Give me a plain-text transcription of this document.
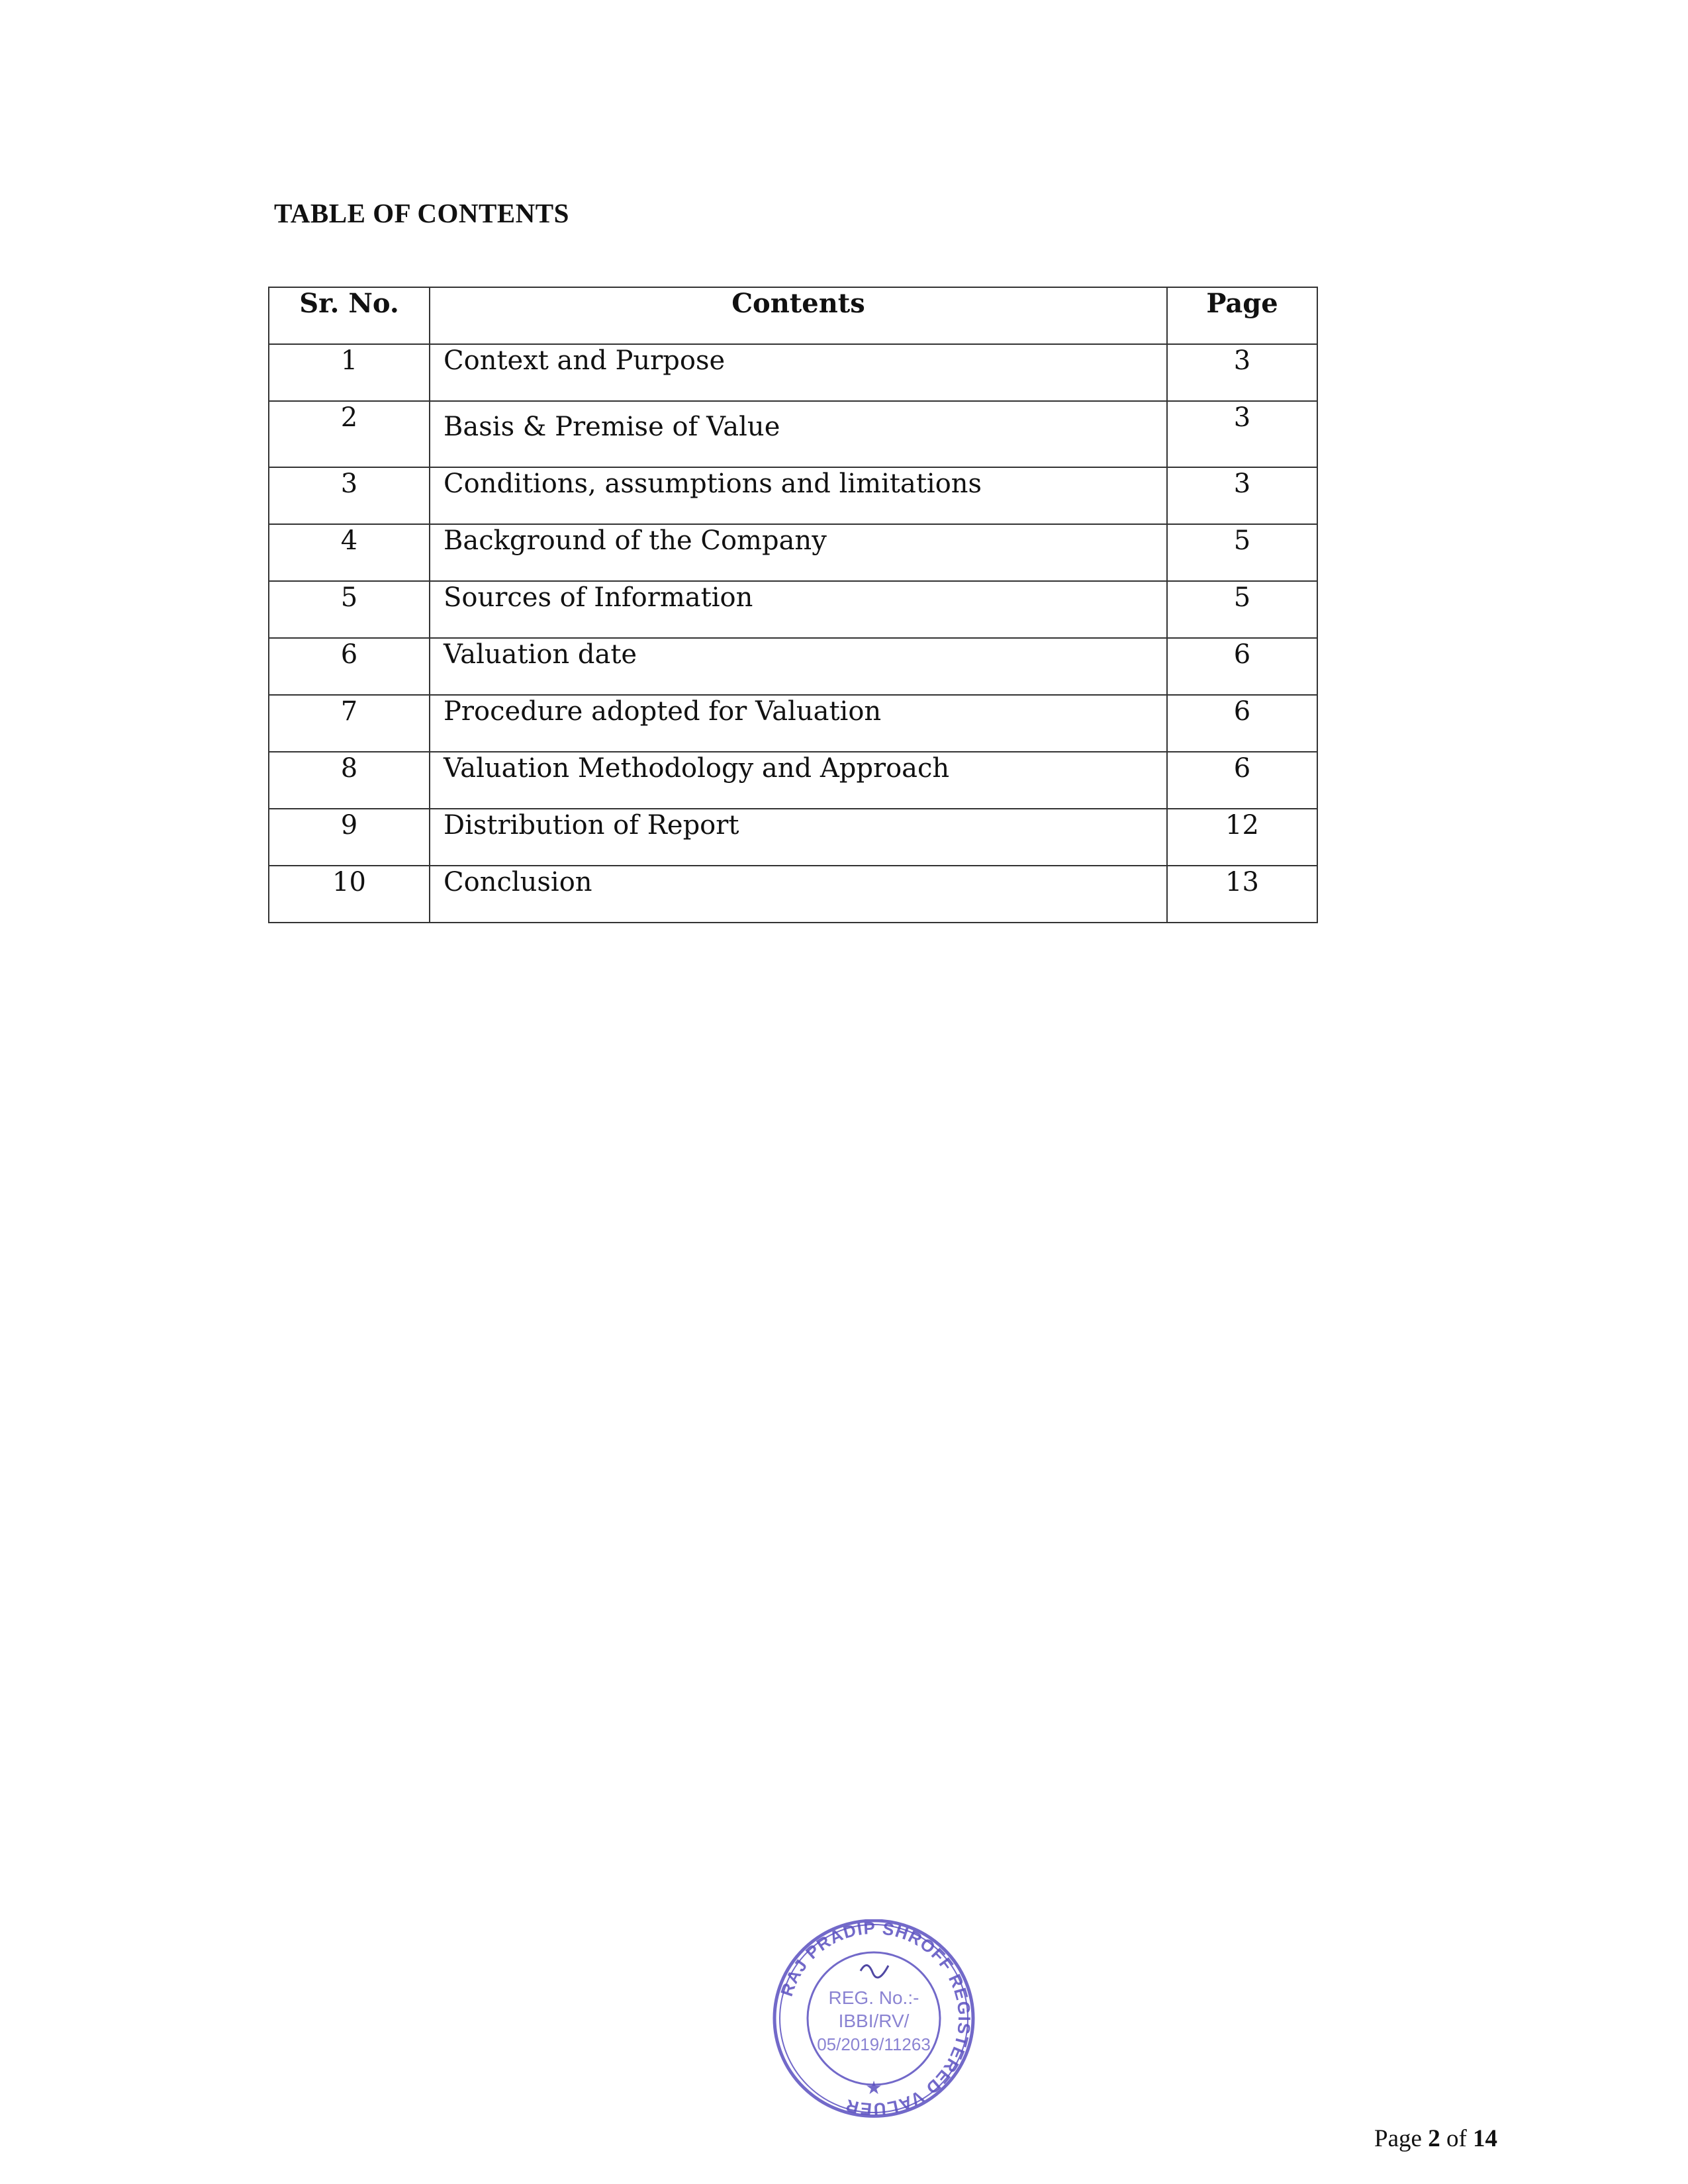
TABLE OF CONTENTS
Sr. No.	Contents	Page
1	Context and Purpose	3
2	Basis & Premise of Value	3
3	Conditions, assumptions and limitations	3
4	Background of the Company	5
5	Sources of Information	5
6	Valuation date	6
7	Procedure adopted for Valuation	6
8	Valuation Methodology and Approach	6
9	Distribution of Report	12
10	Conclusion	13
RAJ PRADIP SHROFF REGISTERED VALUER
★
REG. No.:-
IBBI/RV/
05/2019/11263
Page 2 of 14
